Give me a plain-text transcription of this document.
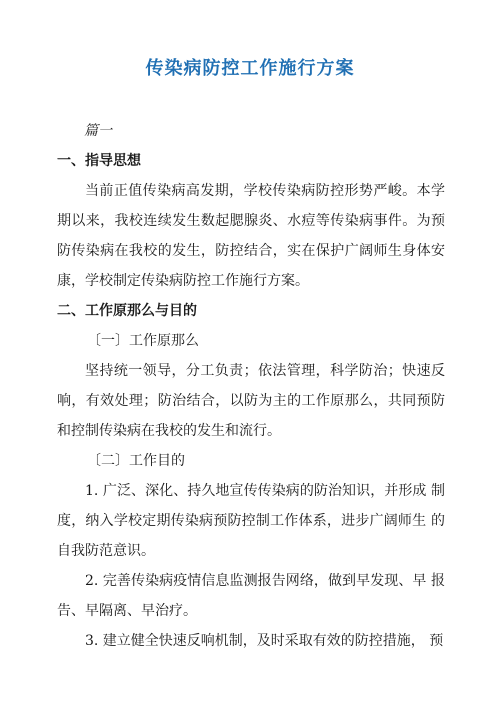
传染病防控工作施行方案

篇一

一、指导思想

当前正值传染病高发期，学校传染病防控形势严峻。本学期以来，我校连续发生数起腮腺炎、水痘等传染病事件。为预防传染病在我校的发生，防控结合，实在保护广阔师生身体安康，学校制定传染病防控工作施行方案。

二、工作原那么与目的

〔一〕工作原那么

坚持统一领导，分工负责；依法管理，科学防治；快速反响，有效处理；防治结合，以防为主的工作原那么，共同预防和控制传染病在我校的发生和流行。

〔二〕工作目的

1. 广泛、深化、持久地宣传传染病的防治知识，并形成 制度，纳入学校定期传染病预防控制工作体系，进步广阔师生 的自我防范意识。

2. 完善传染病疫情信息监测报告网络，做到早发现、早 报告、早隔离、早治疗。

3. 建立健全快速反响机制，及时采取有效的防控措施， 预
